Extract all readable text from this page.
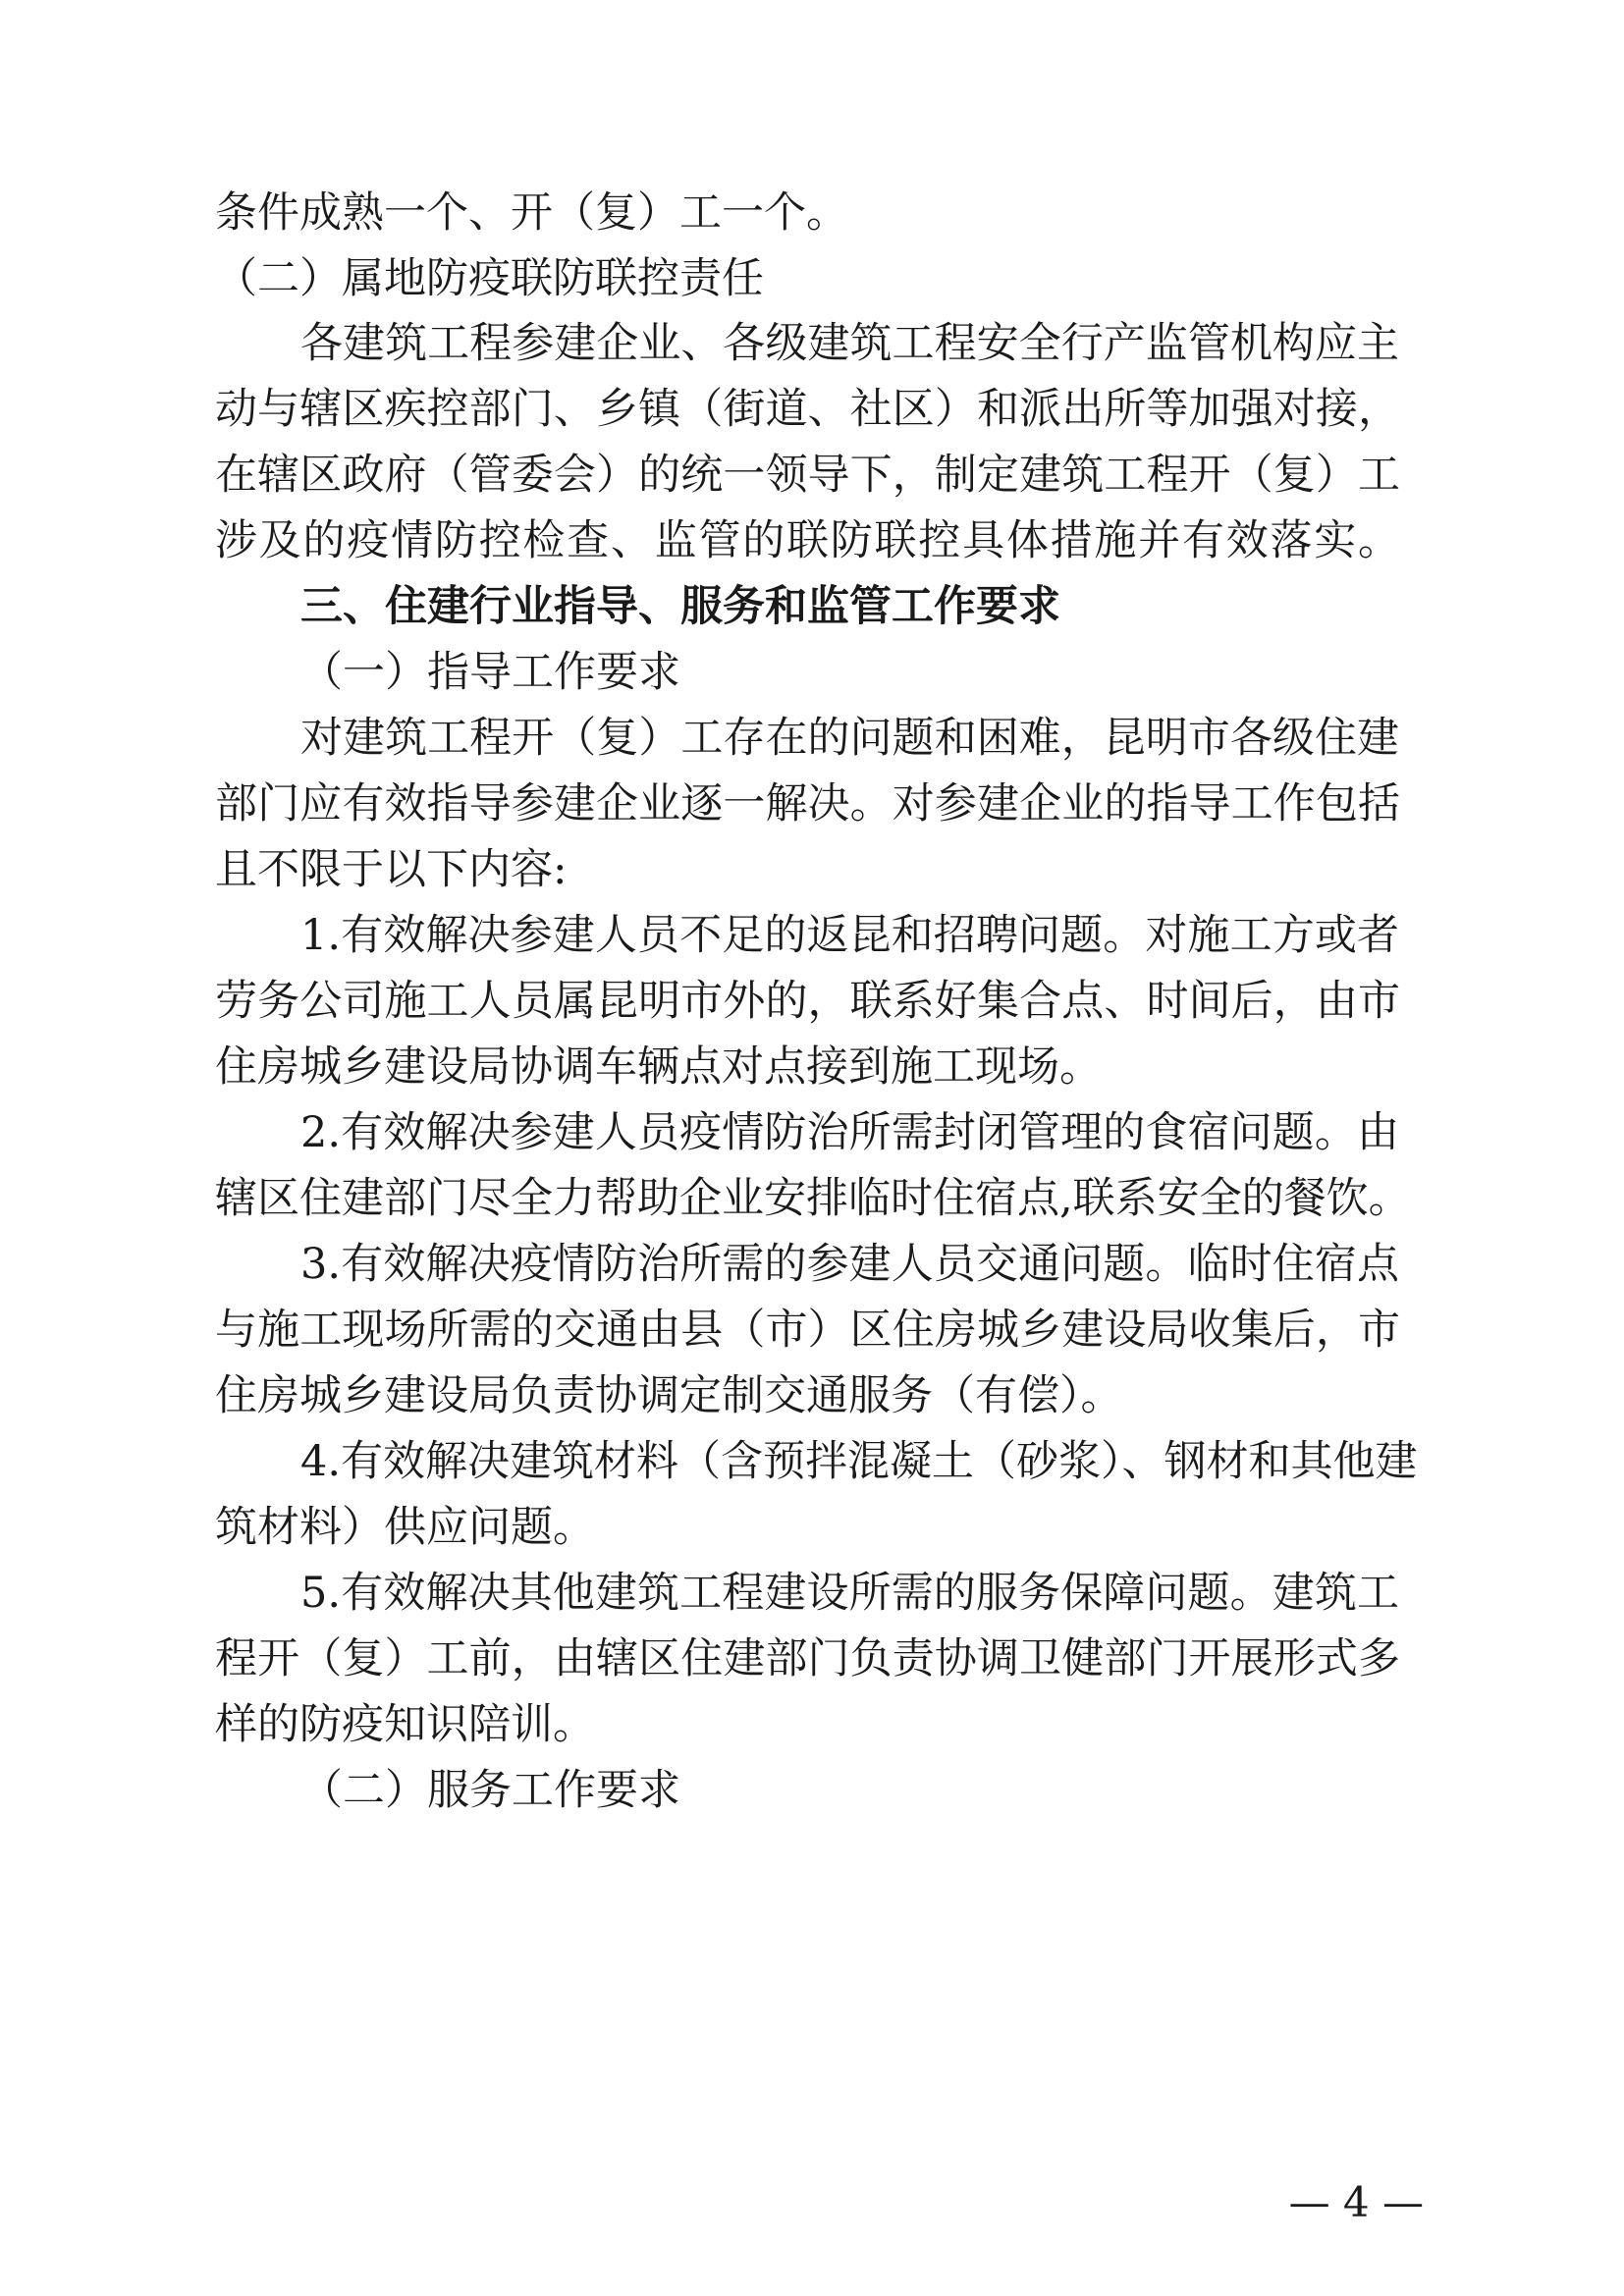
条件成熟一个、开（复）工一个。
（二）属地防疫联防联控责任
各建筑工程参建企业、各级建筑工程安全行产监管机构应主
动与辖区疾控部门、乡镇（街道、社区）和派出所等加强对接，
在辖区政府（管委会）的统一领导下，制定建筑工程开（复）工
涉及的疫情防控检查、监管的联防联控具体措施并有效落实。
三、住建行业指导、服务和监管工作要求
（一）指导工作要求
对建筑工程开（复）工存在的问题和困难，昆明市各级住建
部门应有效指导参建企业逐一解决。对参建企业的指导工作包括
且不限于以下内容:
1.有效解决参建人员不足的返昆和招聘问题。对施工方或者
劳务公司施工人员属昆明市外的，联系好集合点、时间后，由市
住房城乡建设局协调车辆点对点接到施工现场。
2.有效解决参建人员疫情防治所需封闭管理的食宿问题。由
辖区住建部门尽全力帮助企业安排临时住宿点,联系安全的餐饮。
3.有效解决疫情防治所需的参建人员交通问题。临时住宿点
与施工现场所需的交通由县（市）区住房城乡建设局收集后，市
住房城乡建设局负责协调定制交通服务（有偿）。
4.有效解决建筑材料（含预拌混凝土（砂浆）、钢材和其他建
筑材料）供应问题。
5.有效解决其他建筑工程建设所需的服务保障问题。建筑工
程开（复）工前，由辖区住建部门负责协调卫健部门开展形式多
样的防疫知识陪训。
（二）服务工作要求
— 4 —
